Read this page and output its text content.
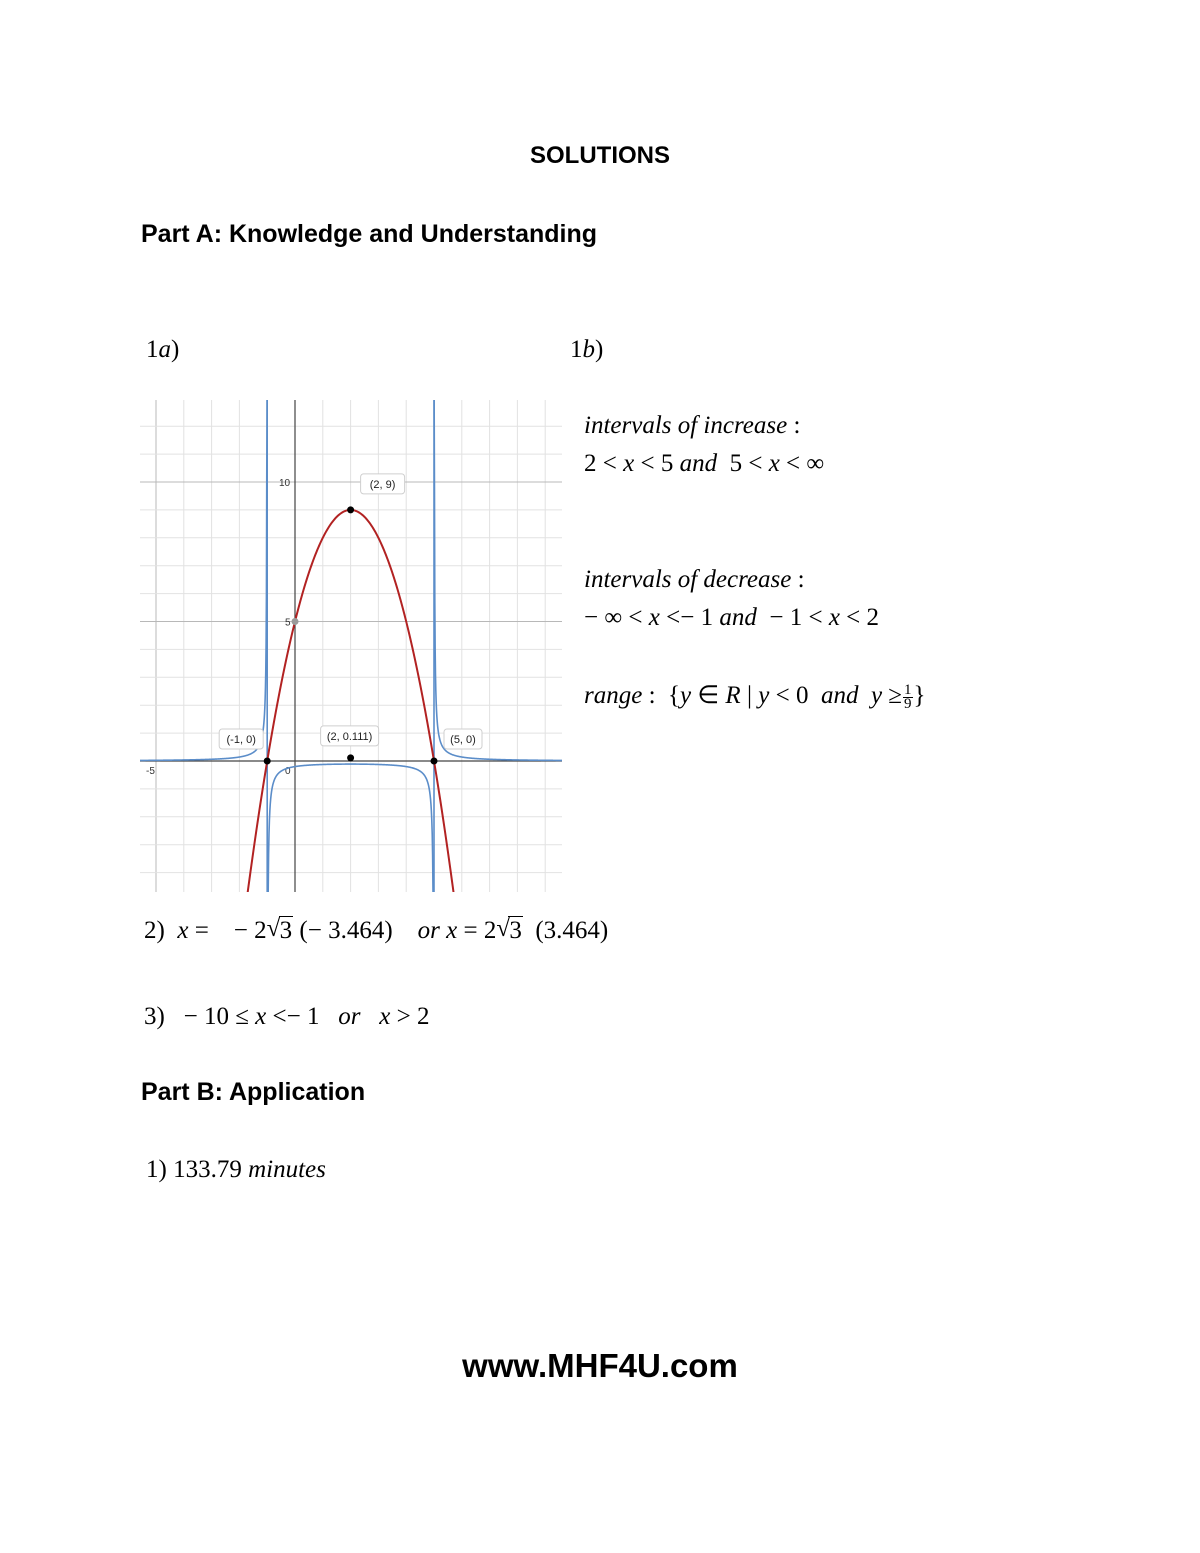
SOLUTIONS
Part A: Knowledge and Understanding
1a)	1b)
10
5
0
-5
(2, 9)
(-1, 0)	(2, 0.111)	(5, 0)
intervals of increase :
2 < x < 5 and 5 < x < ∞
intervals of decrease :
− ∞ < x <− 1 and  − 1 < x < 2
range :  {y ∈ R | y < 0 and $y \ge \frac{1}{9}$ }
2) x =    − 2 √ 3 (− 3.464)    or x = 2 √ 3 (3.464)
3)   − 10 ≤ x <− 1 or x > 2
Part B: Application
1) 133.79 minutes
www.MHF4U.com
